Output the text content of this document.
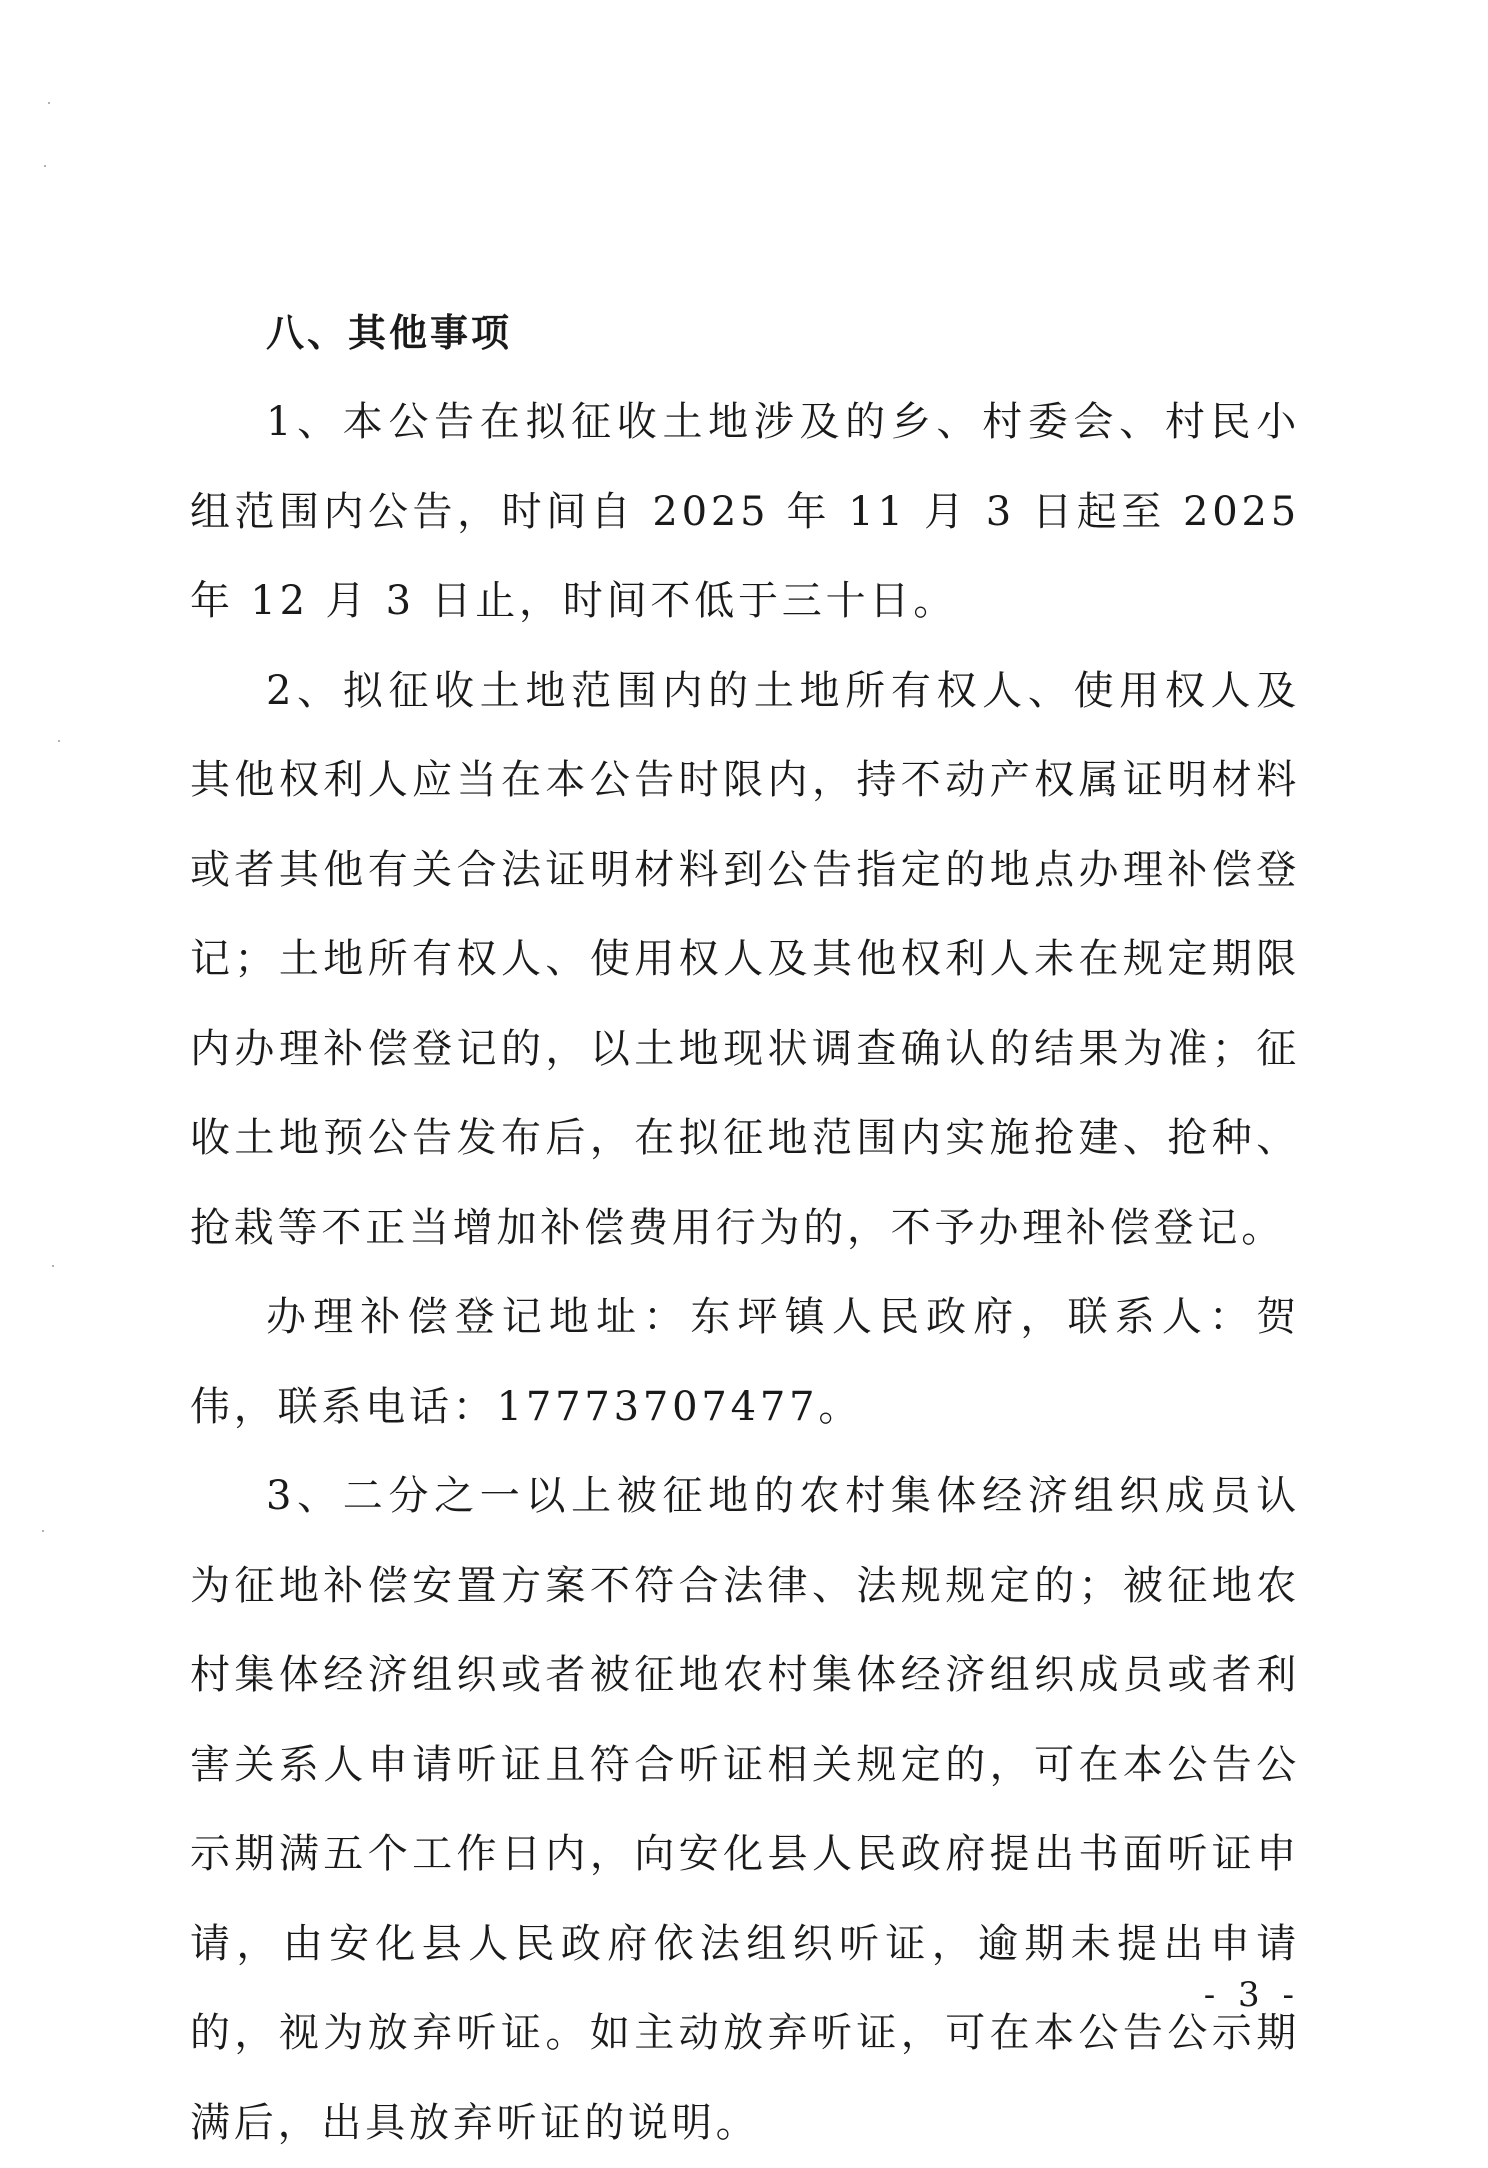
八、其他事项

1、本公告在拟征收土地涉及的乡、村委会、村民小组范围内公告，时间自 2025 年 11 月 3 日起至 2025 年 12 月 3 日止，时间不低于三十日。

2、拟征收土地范围内的土地所有权人、使用权人及其他权利人应当在本公告时限内，持不动产权属证明材料或者其他有关合法证明材料到公告指定的地点办理补偿登记；土地所有权人、使用权人及其他权利人未在规定期限内办理补偿登记的，以土地现状调查确认的结果为准；征收土地预公告发布后，在拟征地范围内实施抢建、抢种、抢栽等不正当增加补偿费用行为的，不予办理补偿登记。

办理补偿登记地址：东坪镇人民政府，联系人：贺伟，联系电话：17773707477。

3、二分之一以上被征地的农村集体经济组织成员认为征地补偿安置方案不符合法律、法规规定的；被征地农村集体经济组织或者被征地农村集体经济组织成员或者利害关系人申请听证且符合听证相关规定的，可在本公告公示期满五个工作日内，向安化县人民政府提出书面听证申请，由安化县人民政府依法组织听证，逾期未提出申请的，视为放弃听证。如主动放弃听证，可在本公告公示期满后，出具放弃听证的说明。

- 3 -
